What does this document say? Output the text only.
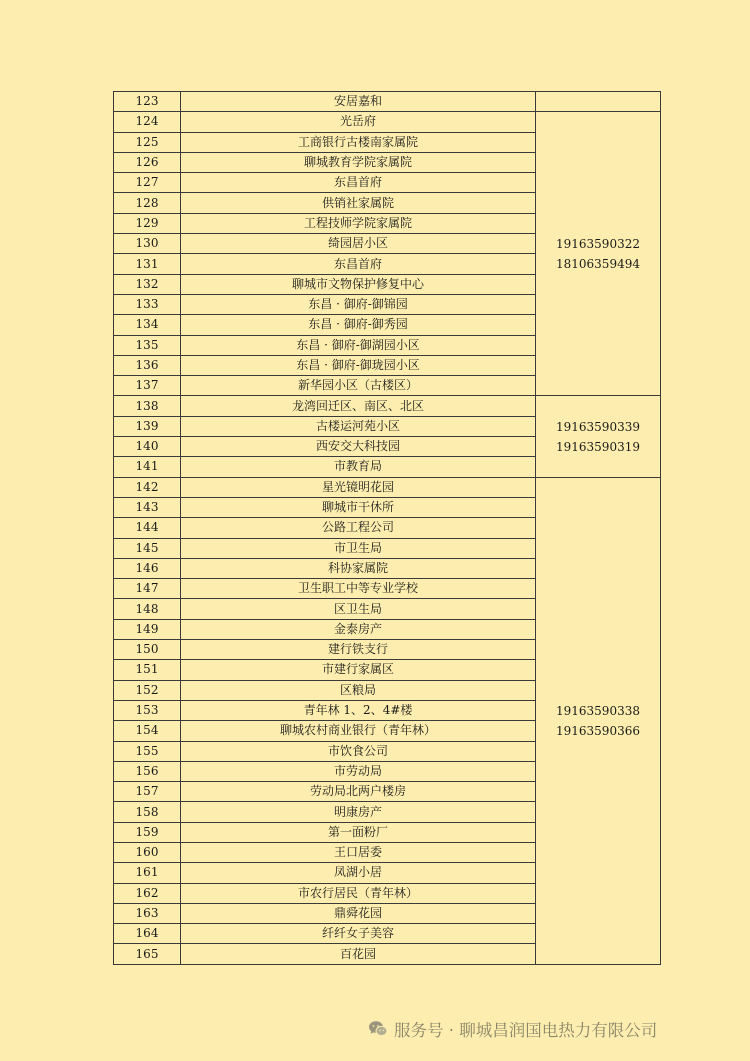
123	安居嘉和	
124	光岳府	19163590322
18106359494

125	工商银行古楼南家属院	
126	聊城教育学院家属院	
127	东昌首府	
128	供销社家属院	
129	工程技师学院家属院	
130	绮园居小区	
131	东昌首府	
132	聊城市文物保护修复中心	
133	东昌 · 御府-御锦园	
134	东昌 · 御府-御秀园	
135	东昌 · 御府-御湖园小区	
136	东昌 · 御府-御珑园小区	
137	新华园小区（古楼区）	
138	龙湾回迁区、南区、北区	19163590339
19163590319

139	古楼运河苑小区	
140	西安交大科技园	
141	市教育局	
142	星光镜明花园	19163590338
19163590366

143	聊城市干休所	
144	公路工程公司	
145	市卫生局	
146	科协家属院	
147	卫生职工中等专业学校	
148	区卫生局	
149	金泰房产	
150	建行铁支行	
151	市建行家属区	
152	区粮局	
153	青年林 1、2、4#楼	
154	聊城农村商业银行（青年林）	
155	市饮食公司	
156	市劳动局	
157	劳动局北两户楼房	
158	明康房产	
159	第一面粉厂	
160	王口居委	
161	凤湖小居	
162	市农行居民（青年林）	
163	鼎舜花园	
164	纤纤女子美容	
165	百花园	
服务号 · 聊城昌润国电热力有限公司
